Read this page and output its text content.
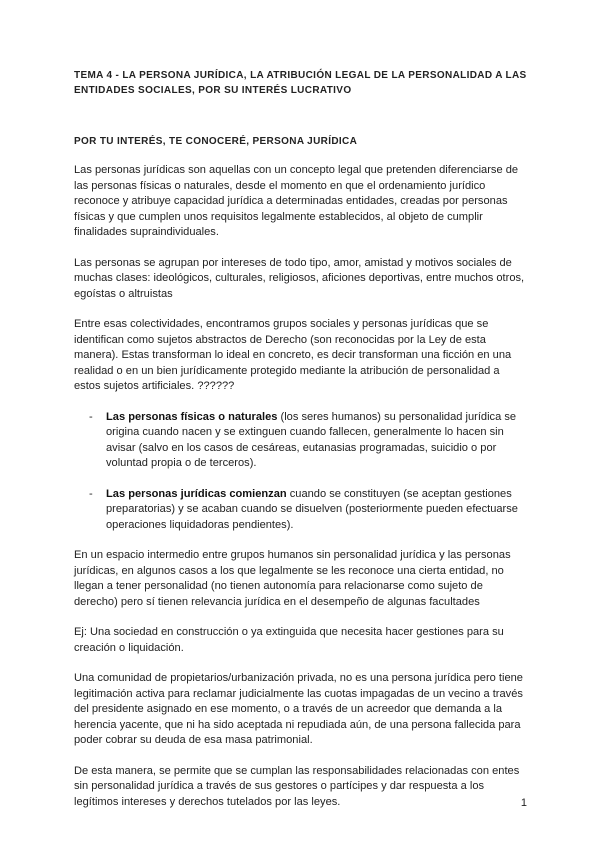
TEMA 4 - LA PERSONA JURÍDICA, LA ATRIBUCIÓN LEGAL DE LA PERSONALIDAD A LAS ENTIDADES SOCIALES, POR SU INTERÉS LUCRATIVO
POR TU INTERÉS, TE CONOCERÉ, PERSONA JURÍDICA

Las personas jurídicas son aquellas con un concepto legal que pretenden diferenciarse de las personas físicas o naturales, desde el momento en que el ordenamiento jurídico reconoce y atribuye capacidad jurídica a determinadas entidades, creadas por personas físicas y que cumplen unos requisitos legalmente establecidos, al objeto de cumplir finalidades supraindividuales.

Las personas se agrupan por intereses de todo tipo, amor, amistad y motivos sociales de muchas clases: ideológicos, culturales, religiosos, aficiones deportivas, entre muchos otros, egoístas o altruistas

Entre esas colectividades, encontramos grupos sociales y personas jurídicas que se identifican como sujetos abstractos de Derecho (son reconocidas por la Ley de esta manera). Estas transforman lo ideal en concreto, es decir transforman una ficción en una realidad o en un bien jurídicamente protegido mediante la atribución de personalidad a estos sujetos artificiales. ??????

- Las personas físicas o naturales (los seres humanos) su personalidad jurídica se origina cuando nacen y se extinguen cuando fallecen, generalmente lo hacen sin avisar (salvo en los casos de cesáreas, eutanasias programadas, suicidio o por voluntad propia o de terceros).
- Las personas jurídicas comienzan cuando se constituyen (se aceptan gestiones preparatorias) y se acaban cuando se disuelven (posteriormente pueden efectuarse operaciones liquidadoras pendientes).

En un espacio intermedio entre grupos humanos sin personalidad jurídica y las personas jurídicas, en algunos casos a los que legalmente se les reconoce una cierta entidad, no llegan a tener personalidad (no tienen autonomía para relacionarse como sujeto de derecho) pero sí tienen relevancia jurídica en el desempeño de algunas facultades

Ej: Una sociedad en construcción o ya extinguida que necesita hacer gestiones para su creación o liquidación.

Una comunidad de propietarios/urbanización privada, no es una persona jurídica pero tiene legitimación activa para reclamar judicialmente las cuotas impagadas de un vecino a través del presidente asignado en ese momento, o a través de un acreedor que demanda a la herencia yacente, que ni ha sido aceptada ni repudiada aún, de una persona fallecida para poder cobrar su deuda de esa masa patrimonial.

De esta manera, se permite que se cumplan las responsabilidades relacionadas con entes sin personalidad jurídica a través de sus gestores o partícipes y dar respuesta a los legítimos intereses y derechos tutelados por las leyes.	1
